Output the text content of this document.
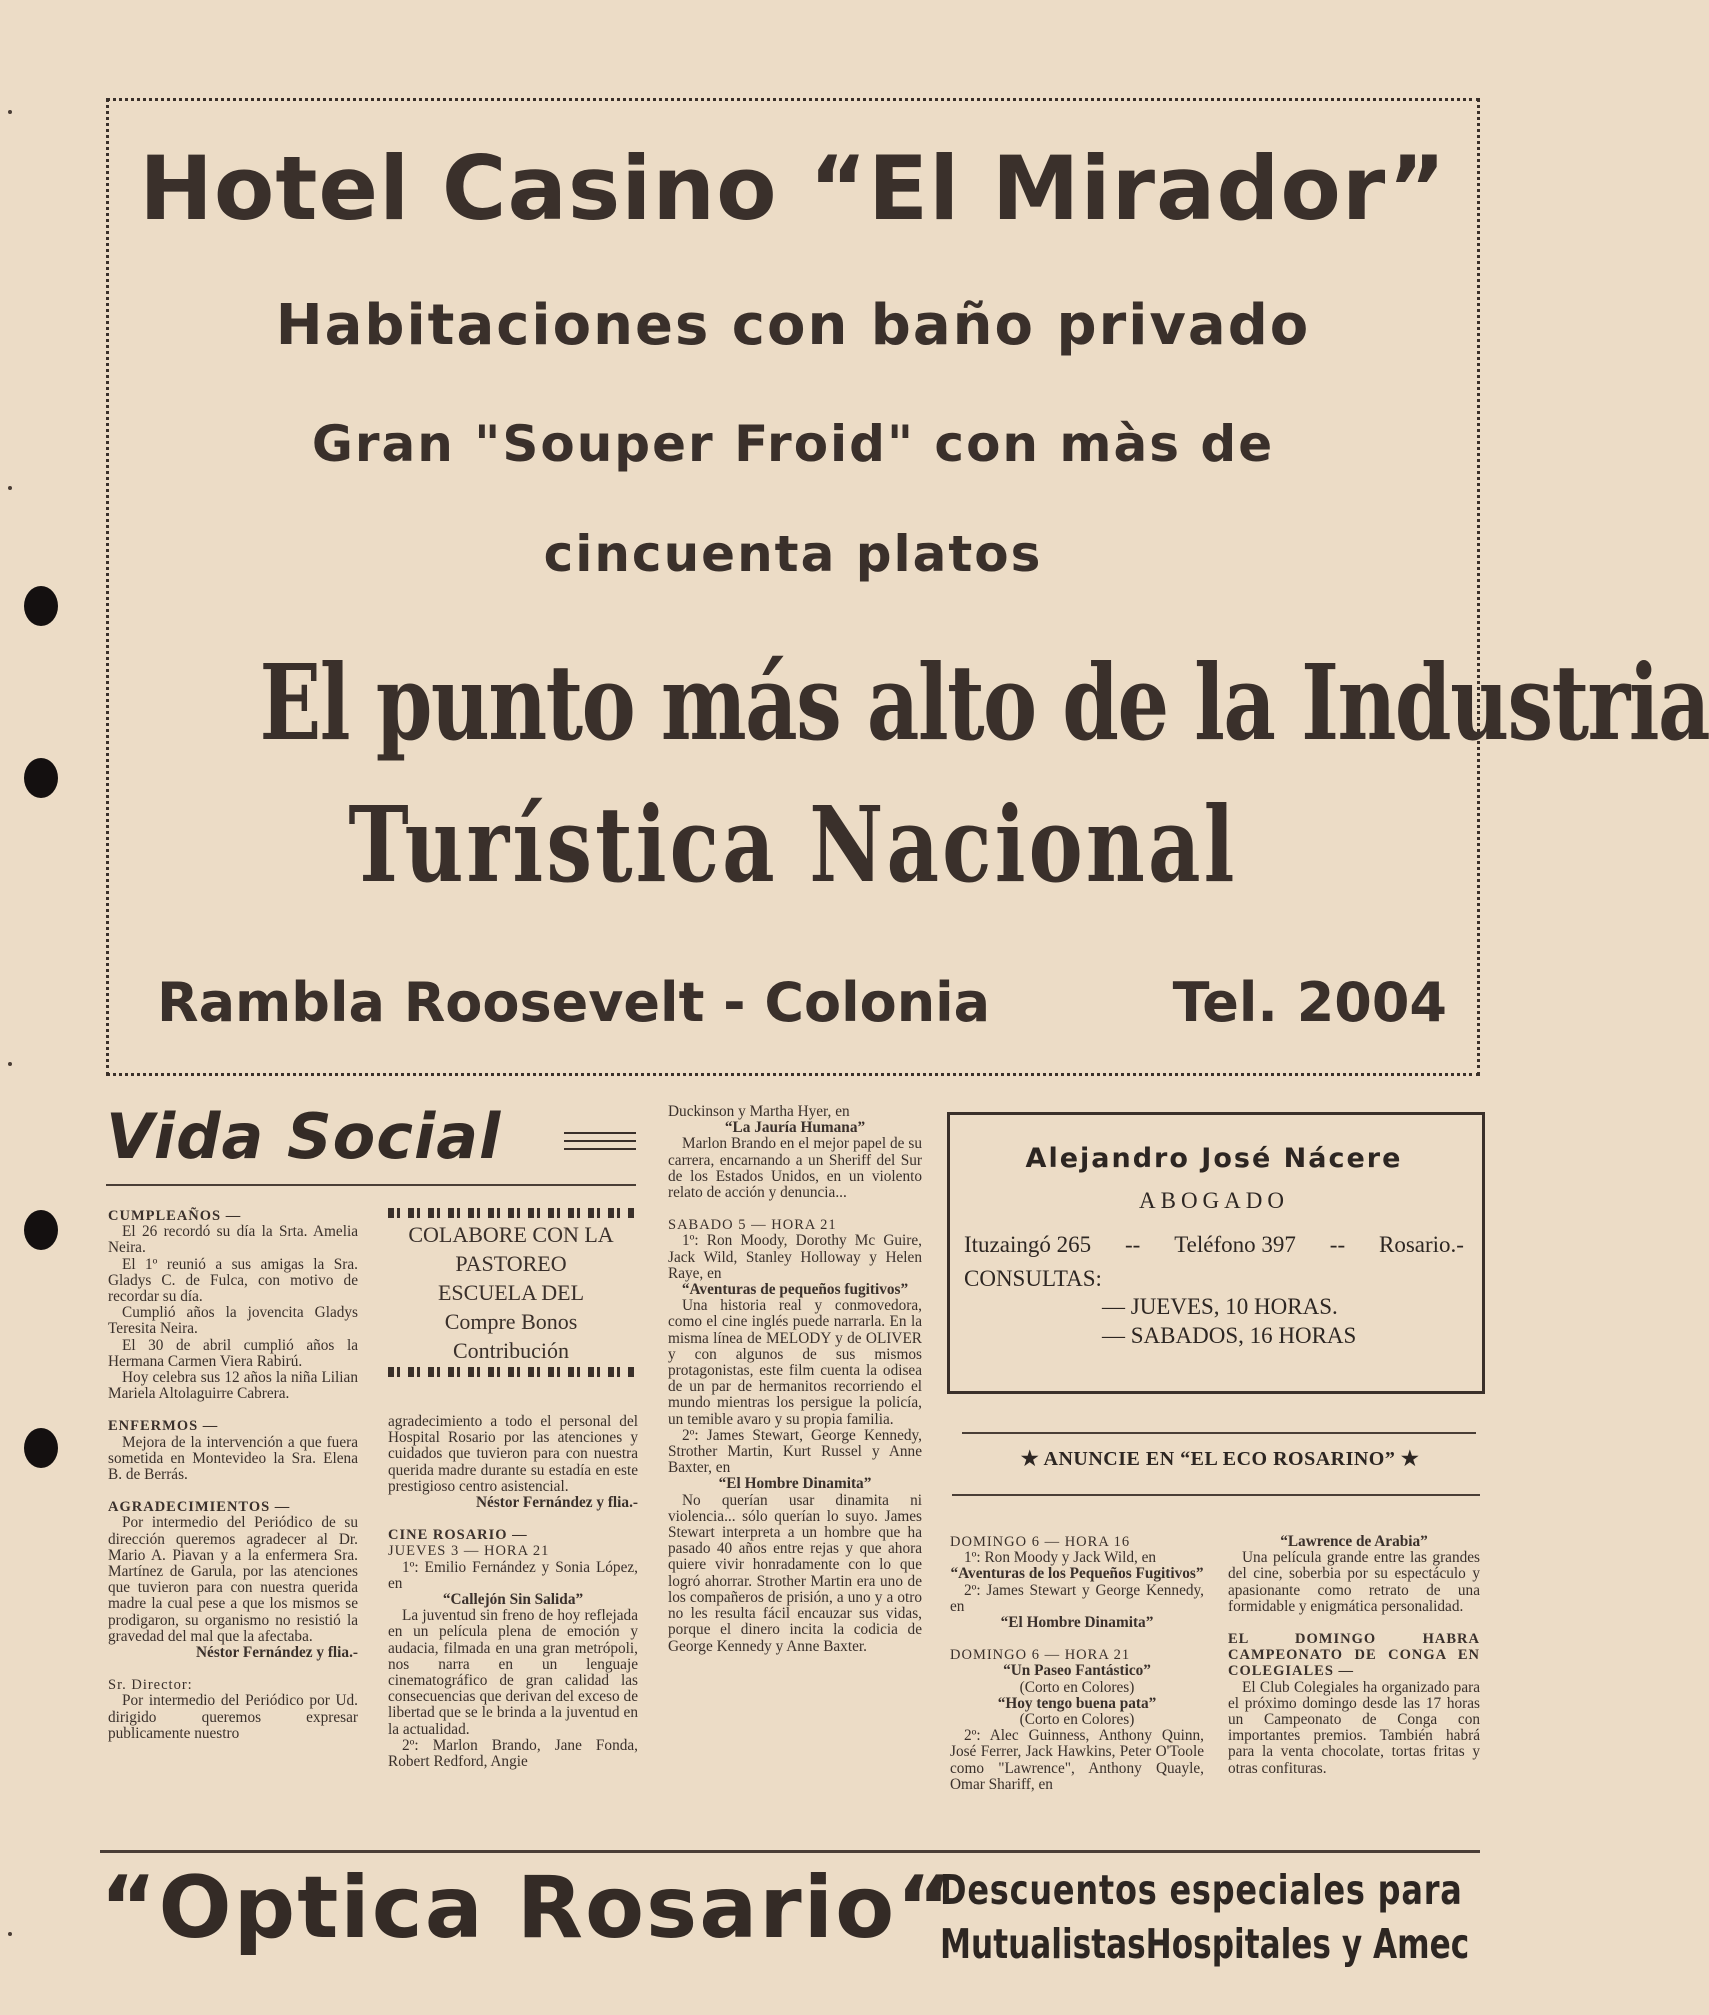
Hotel Casino “El Mirador”
Habitaciones con baño privado
Gran "Souper Froid" con màs de
cincuenta platos
El punto más alto de la Industria
Turística Nacional
Rambla Roosevelt - Colonia	Tel. 2004
Vida Social

CUMPLEAÑOS —

El 26 recordó su día la Srta. Amelia Neira.

El 1º reunió a sus amigas la Sra. Gladys C. de Fulca, con motivo de recordar su día.

Cumplió años la jovencita Gladys Teresita Neira.

El 30 de abril cumplió años la Hermana Carmen Viera Rabirú.

Hoy celebra sus 12 años la niña Lilian Mariela Altolaguirre Cabrera.

ENFERMOS —

Mejora de la intervención a que fuera sometida en Montevideo la Sra. Elena B. de Berrás.

AGRADECIMIENTOS —

Por intermedio del Periódico de su dirección queremos agradecer al Dr. Mario A. Piavan y a la enfermera Sra. Martínez de Garula, por las atenciones que tuvieron para con nuestra querida madre la cual pese a que los mismos se prodigaron, su organismo no resistió la gravedad del mal que la afectaba.

Néstor Fernández y flia.-

Sr. Director:

Por intermedio del Periódico por Ud. dirigido queremos expresar publicamente nuestro

COLABORE CON LA
PASTOREO
ESCUELA DEL
Compre Bonos
Contribución

agradecimiento a todo el personal del Hospital Rosario por las atenciones y cuidados que tuvieron para con nuestra querida madre durante su estadía en este prestigioso centro asistencial.

Néstor Fernández y flia.-

CINE ROSARIO —

JUEVES 3 — HORA 21

1º: Emilio Fernández y Sonia López, en

“Callejón Sin Salida”

La juventud sin freno de hoy reflejada en un película plena de emoción y audacia, filmada en una gran metrópoli, nos narra en un lenguaje cinematográfico de gran calidad las consecuencias que derivan del exceso de libertad que se le brinda a la juventud en la actualidad.

2º: Marlon Brando, Jane Fonda, Robert Redford, Angie

Duckinson y Martha Hyer, en

“La Jauría Humana”

Marlon Brando en el mejor papel de su carrera, encarnando a un Sheriff del Sur de los Estados Unidos, en un violento relato de acción y denuncia...

SABADO 5 — HORA 21

1º: Ron Moody, Dorothy Mc Guire, Jack Wild, Stanley Holloway y Helen Raye, en

“Aventuras de pequeños fugitivos”

Una historia real y conmovedora, como el cine inglés puede narrarla. En la misma línea de MELODY y de OLIVER y con algunos de sus mismos protagonistas, este film cuenta la odisea de un par de hermanitos recorriendo el mundo mientras los persigue la policía, un temible avaro y su propia familia.

2º: James Stewart, George Kennedy, Strother Martin, Kurt Russel y Anne Baxter, en

“El Hombre Dinamita”

No querían usar dinamita ni violencia... sólo querían lo suyo. James Stewart interpreta a un hombre que ha pasado 40 años entre rejas y que ahora quiere vivir honradamente con lo que logró ahorrar. Strother Martin era uno de los compañeros de prisión, a uno y a otro no les resulta fácil encauzar sus vidas, porque el dinero incita la codicia de George Kennedy y Anne Baxter.

Alejandro José Nácere
ABOGADO
Ituzaingó 265 -- Teléfono 397 -- Rosario.-
CONSULTAS:
— JUEVES, 10 HORAS.
— SABADOS, 16 HORAS
★ ANUNCIE EN “EL ECO ROSARINO” ★

DOMINGO 6 — HORA 16

1º: Ron Moody y Jack Wild, en

“Aventuras de los Pequeños Fugitivos”

2º: James Stewart y George Kennedy, en

“El Hombre Dinamita”

DOMINGO 6 — HORA 21

“Un Paseo Fantástico”

(Corto en Colores)

“Hoy tengo buena pata”

(Corto en Colores)

2º: Alec Guinness, Anthony Quinn, José Ferrer, Jack Hawkins, Peter O'Toole como "Lawrence", Anthony Quayle, Omar Shariff, en

“Lawrence de Arabia”

Una película grande entre las grandes del cine, soberbia por su espectáculo y apasionante como retrato de una formidable y enigmática personalidad.

EL DOMINGO HABRA CAMPEONATO DE CONGA EN COLEGIALES —

El Club Colegiales ha organizado para el próximo domingo desde las 17 horas un Campeonato de Conga con importantes premios. También habrá para la venta chocolate, tortas fritas y otras confituras.

“Optica Rosario“
Descuentos especiales para
MutualistasHospitales y Amec
